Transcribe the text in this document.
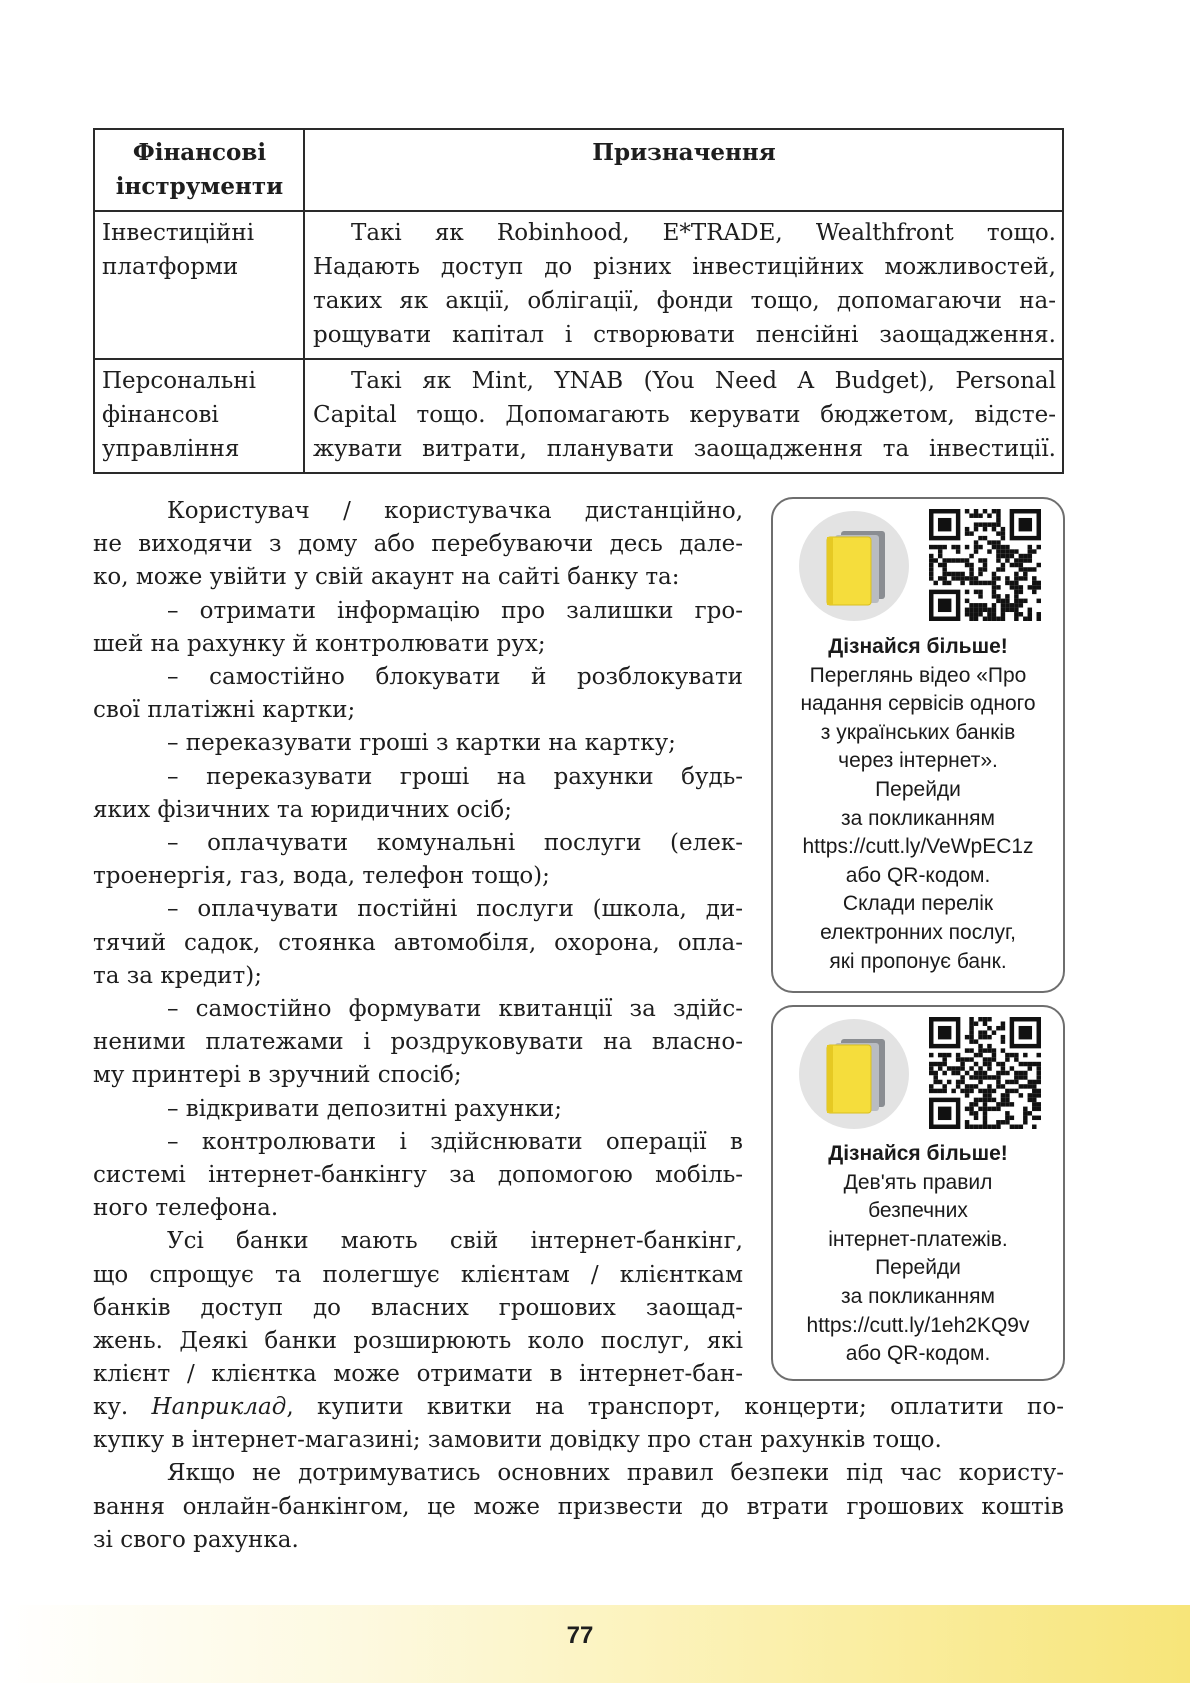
Фінансові
інструменти	Призначення

Інвестиційні
платформи	Такі як Robinhood, E*TRADE, Wealthfront тощо.
Надають доступ до різних інвестиційних можливостей,
таких як акції, облігації, фонди тощо, допомагаючи на-
рощувати капітал і створювати пенсійні заощадження.

Персональні
фінансові
управління	Такі як Mint, YNAB (You Need A Budget), Personal
Capital тощо. Допомагають керувати бюджетом, відсте-
жувати витрати, планувати заощадження та інвестиції.
Користувач / користувачка дистанційно,
не виходячи з дому або перебуваючи десь дале-
ко, може увійти у свій акаунт на сайті банку та:
– отримати інформацію про залишки гро-
шей на рахунку й контролювати рух;
– самостійно блокувати й розблокувати
свої платіжні картки;
– переказувати гроші з картки на картку;
– переказувати гроші на рахунки будь-
яких фізичних та юридичних осіб;
– оплачувати комунальні послуги (елек-
троенергія, газ, вода, телефон тощо);
– оплачувати постійні послуги (школа, ди-
тячий садок, стоянка автомобіля, охорона, опла-
та за кредит);
– самостійно формувати квитанції за здійс-
неними платежами і роздруковувати на власно-
му принтері в зручний спосіб;
– відкривати депозитні рахунки;
– контролювати і здійснювати операції в
системі інтернет-банкінгу за допомогою мобіль-
ного телефона.
Усі банки мають свій інтернет-банкінг,
що спрощує та полегшує клієнтам / клієнткам
банків доступ до власних грошових заощад-
жень. Деякі банки розширюють коло послуг, які
клієнт / клієнтка може отримати в інтернет-бан-
ку. Наприклад, купити квитки на транспорт, концерти; оплатити по-
купку в інтернет-магазині; замовити довідку про стан рахунків тощо.
Якщо не дотримуватись основних правил безпеки під час користу-
вання онлайн-банкінгом, це може призвести до втрати грошових коштів
зі свого рахунка.
Дізнайся більше!
Переглянь відео «Про
надання сервісів одного
з українських банків
через інтернет».
Перейди
за покликанням
https://cutt.ly/VeWpEC1z
або QR-кодом.
Склади перелік
електронних послуг,
які пропонує банк.
Дізнайся більше!
Дев'ять правил
безпечних
інтернет-платежів.
Перейди
за покликанням
https://cutt.ly/1eh2KQ9v
або QR-кодом.
77
